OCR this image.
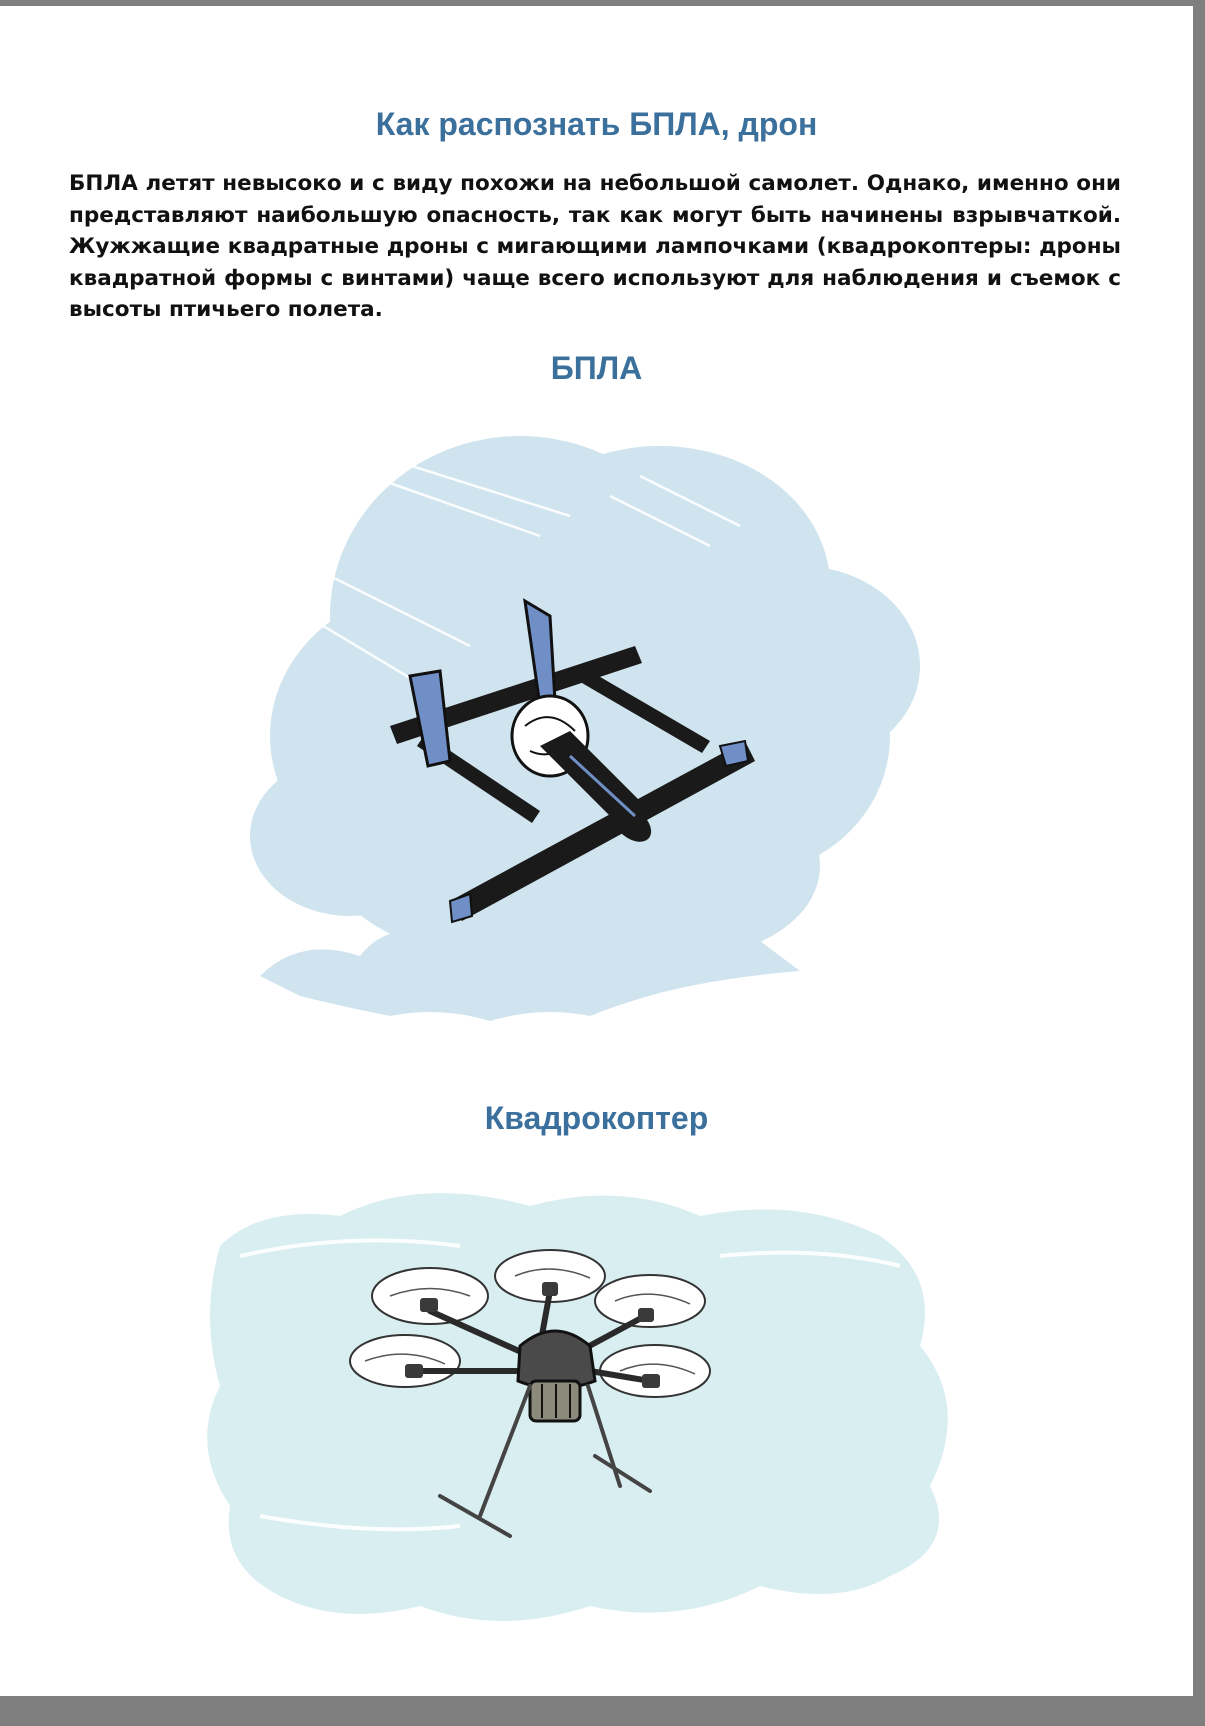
Как распознать БПЛА, дрон

БПЛА летят невысоко и с виду похожи на небольшой самолет. Однако, именно они представляют наибольшую опасность, так как могут быть начинены взрывчаткой. Жужжащие квадратные дроны с мигающими лампочками (квадрокоптеры: дроны квадратной формы с винтами) чаще всего используют для наблюдения и съемок с высоты птичьего полета.

БПЛА
Квадрокоптер
